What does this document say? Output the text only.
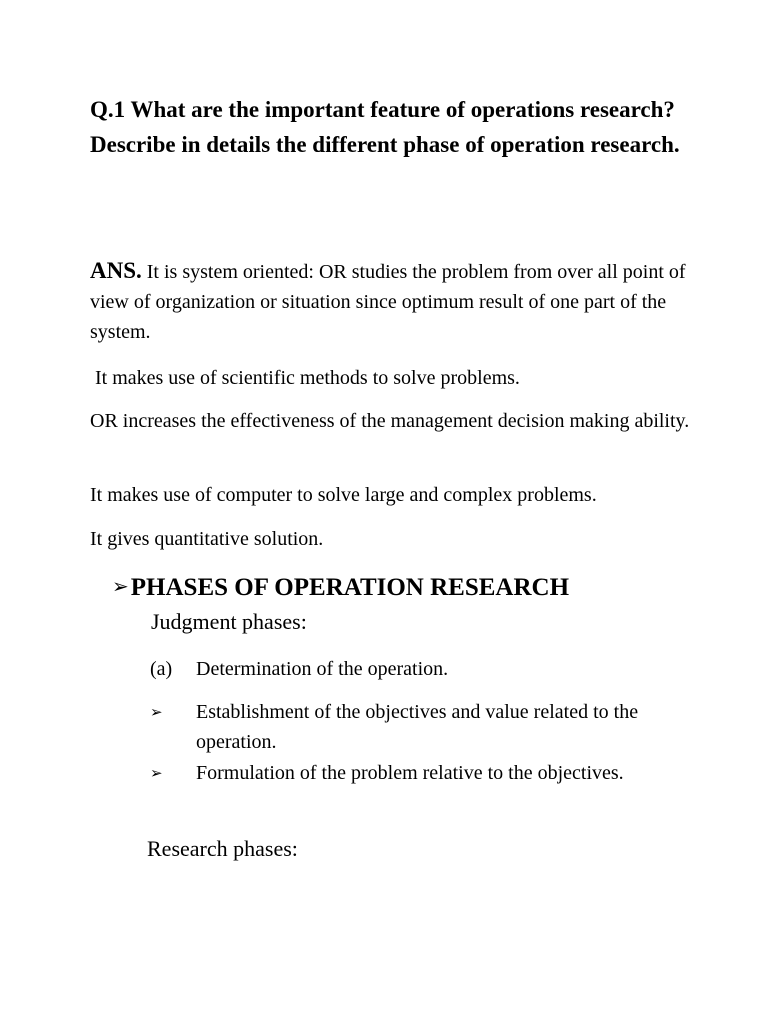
Q.1 What are the important feature of operations research? Describe in details the different phase of operation research.
ANS. It is system oriented: OR studies the problem from over all point of view of organization or situation since optimum result of one part of the system.
It makes use of scientific methods to solve problems.
OR increases the effectiveness of the management decision making ability.
It makes use of computer to solve large and complex problems.
It gives quantitative solution.
➢PHASES OF OPERATION RESEARCH
Judgment phases:
(a) Determination of the operation.
➢ Establishment of the objectives and value related to the operation.
➢ Formulation of the problem relative to the objectives.
Research phases:
